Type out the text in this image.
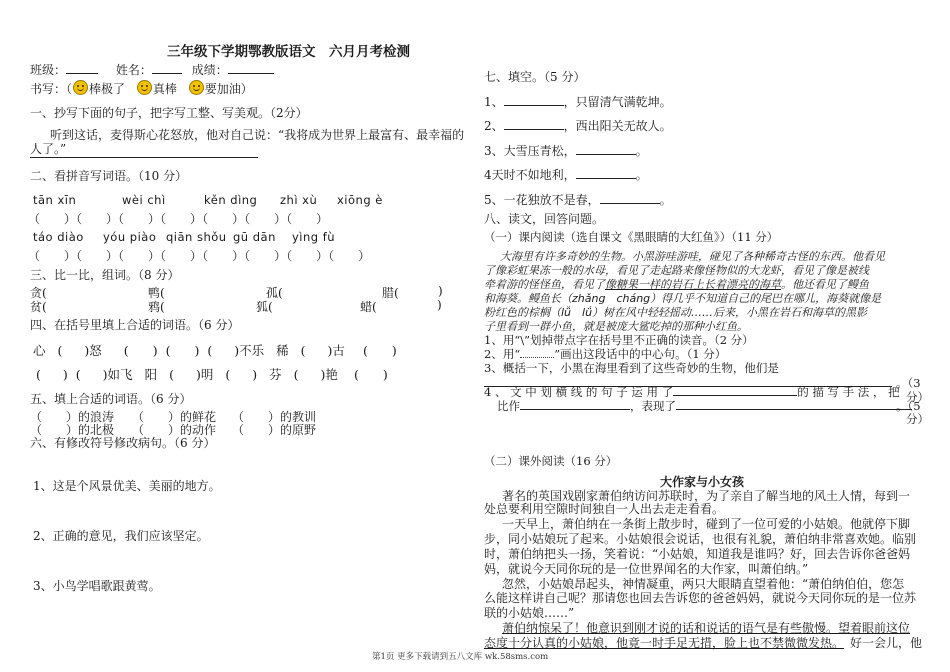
三年级下学期鄂教版语文　六月月考检测
班级：	姓名：	成绩：
书写：（ 棒极了 真棒 要加油）
一、抄写下面的句子，把字写工整、写美观。（2分）
听到这话，麦得斯心花怒放，他对自己说：“我将成为世界上最富有、最幸福的
人了。”
二、看拼音写词语。（10 分）
tān xīn	wèi chì	kěn dìng zhì xù xiōng è
（　　）（　　）（　　）（　　）（　　）（　　）（　　）
táo diào yóu piào qiān shǒu gū dān yìng fù
（　　）（　　）（　　）（　　）（　　）（　　）（　　）（　　）
三、比一比，组词。（8 分）
贪(	鸭(	孤(	腊(	)
贫(	鸦(	狐(	蜡(	)
四、在括号里填上合适的词语。（6 分）
心 ( )怒 ( ) ( ) ( )不乐 稀 ( )古 ( )
( ) ( )如飞 阳 ( )明 ( ) 芬 ( )艳 ( )
五、填上合适的词语。（6 分）
（　　）的浪涛 （　　）的鲜花 （　　）的教训
（　　）的北极 （　　）的动作 （　　）的原野
六、有修改符号修改病句。（6 分）
1、这是个风景优美、美丽的地方。
2、正确的意见，我们应该坚定。
3、小鸟学唱歌跟黄莺。
七、填空。（5 分）
1、	，只留清气满乾坤。
2、	，西出阳关无故人。
3、大雪压青松，	。
4天时不如地利，	。
5、一花独放不是春，	。
八、读文，回答问题。
（一）课内阅读（选自课文《黑眼睛的大红鱼》）（11 分）
大海里有许多奇妙的生物。小黑游哇游哇，碰见了各种稀奇古怪的东西。他看见
了像彩虹果冻一般的水母，看见了走起路来像怪物似的大龙虾，看见了像是被线
牵着游的怪怪鱼，看见了像糖果一样的岩石上长着漂亮的海草。他还看见了鳗鱼
和海葵。鳗鱼长（zhǎng　cháng）得几乎不知道自己的尾巴在哪儿，海葵就像是
粉红色的棕榈（lǚ　lǘ）树在风中轻轻摇动……后来，小黑在岩石和海草的黑影
子里看到一群小鱼，就是被庞大鲨吃掉的那种小红鱼。
1、用“\”划掉带点字在括号里不正确的读音。（2 分）
2、用“	”画出这段话中的中心句。（1 分）
3、概括一下，小黑在海里看到了这些奇妙的生物，他们是
。（3
分）
4 、 文 中 划 横 线 的 句 子 运 用 了	的 描 写 手 法 ， 把
比作	，表现了	。（5
分）
（二）课外阅读（16 分）
大作家与小女孩
著名的英国戏剧家萧伯纳访问苏联时，为了亲自了解当地的风土人情，每到一
处总要利用空隙时间独自一人出去走走看看。
一天早上，萧伯纳在一条街上散步时，碰到了一位可爱的小姑娘。他就停下脚
步，同小姑娘玩了起来。小姑娘很会说话，也很有礼貌，萧伯纳非常喜欢她。临别
时，萧伯纳把头一扬，笑着说：“小姑娘，知道我是谁吗？好，回去告诉你爸爸妈
妈，就说今天同你玩的是一位世界闻名的大作家，叫萧伯纳。”
忽然，小姑娘昂起头，神情凝重，两只大眼睛直望着他：“萧伯纳伯伯，您怎
么能这样讲自己呢？那请您也回去告诉您的爸爸妈妈，就说今天同你玩的是一位苏
联的小姑娘……”
萧伯纳惊呆了！他意识到刚才说的话和说话的语气是有些傲慢。望着眼前这位
态度十分认真的小姑娘，他竟一时手足无措，脸上也不禁微微发热。 好一会儿，他
第1页 更多下载请到五八文库 wk.58sms.com
